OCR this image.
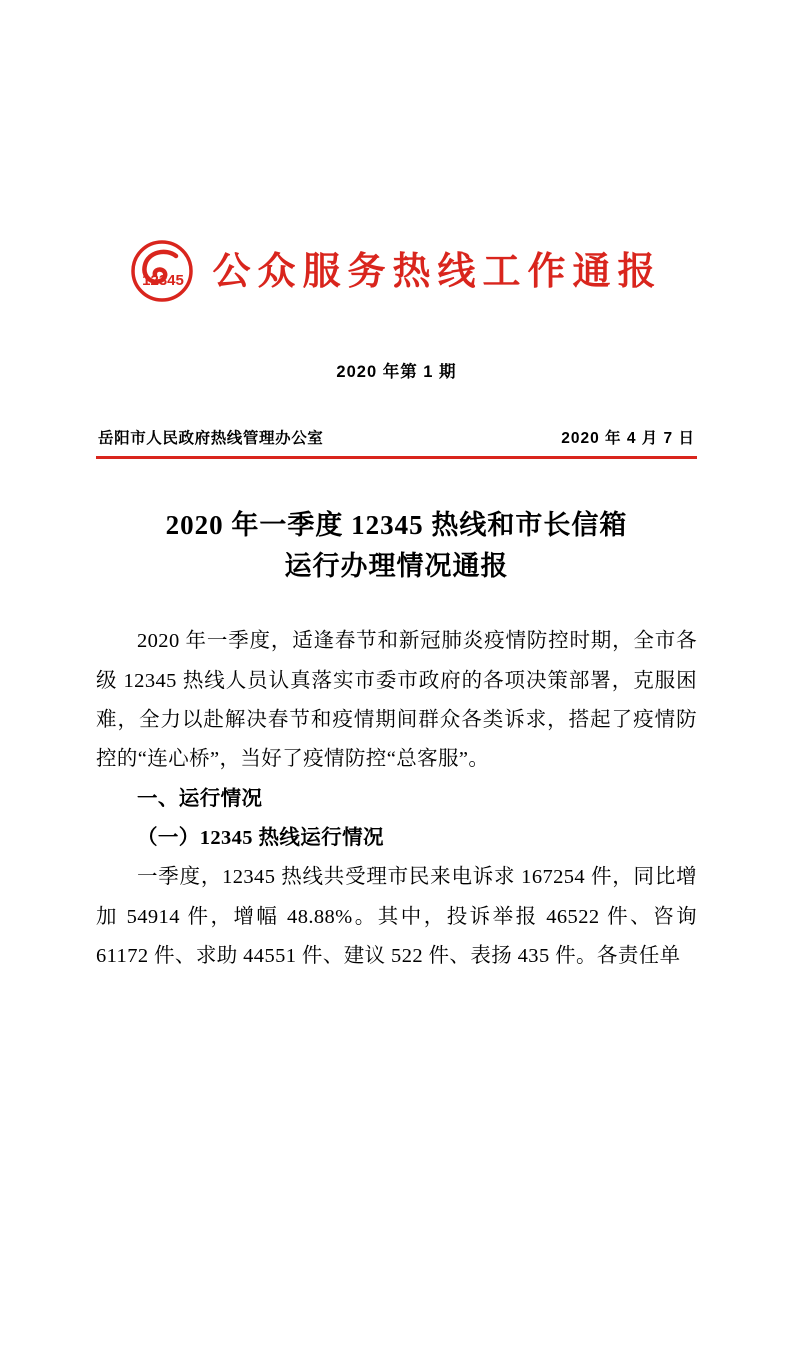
12345 公众服务热线工作通报
2020 年第 1 期
岳阳市人民政府热线管理办公室	2020 年 4 月 7 日
2020 年一季度 12345 热线和市长信箱
运行办理情况通报

2020 年一季度，适逢春节和新冠肺炎疫情防控时期，全市各级 12345 热线人员认真落实市委市政府的各项决策部署，克服困难，全力以赴解决春节和疫情期间群众各类诉求，搭起了疫情防控的“连心桥”，当好了疫情防控“总客服”。

一、运行情况

（一）12345 热线运行情况

一季度，12345 热线共受理市民来电诉求 167254 件，同比增加 54914 件，增幅 48.88%。其中，投诉举报 46522 件、咨询 61172 件、求助 44551 件、建议 522 件、表扬 435 件。各责任单
